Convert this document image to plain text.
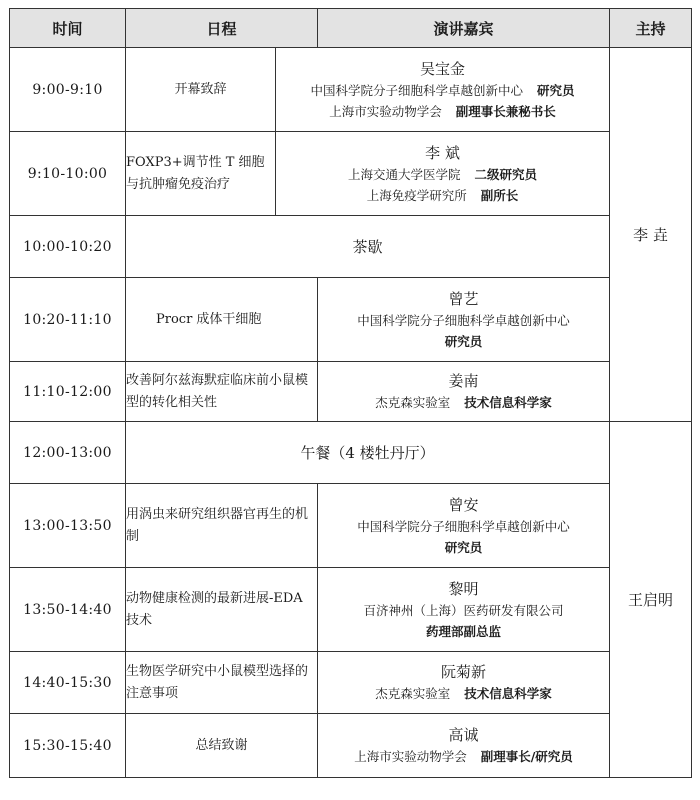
时间	日程		演讲嘉宾	主持
9:00-9:10	开幕致辞	吴宝金
中国科学院分子细胞科学卓越创新中心 研究员
上海市实验动物学会 副理事长兼秘书长		李 垚
9:10-10:00	FOXP3+调节性 T 细胞与抗肿瘤免疫治疗	李 斌
上海交通大学医学院 二级研究员
上海免疫学研究所 副所长		

10:00-10:20	茶歇			
10:20-11:10	Procr 成体干细胞		曾艺
中国科学院分子细胞科学卓越创新中心
研究员	

11:10-12:00	改善阿尔兹海默症临床前小鼠模型的转化相关性		姜南
杰克森实验室 技术信息科学家	

12:00-13:00	午餐（4 楼牡丹厅）			王启明
13:00-13:50	用涡虫来研究组织器官再生的机制		曾安
中国科学院分子细胞科学卓越创新中心
研究员	

13:50-14:40	动物健康检测的最新进展-EDA 技术		黎明
百济神州（上海）医药研发有限公司
药理部副总监	

14:40-15:30	生物医学研究中小鼠模型选择的注意事项		阮菊新
杰克森实验室 技术信息科学家	

15:30-15:40	总结致谢		高诚
上海市实验动物学会 副理事长/研究员	
